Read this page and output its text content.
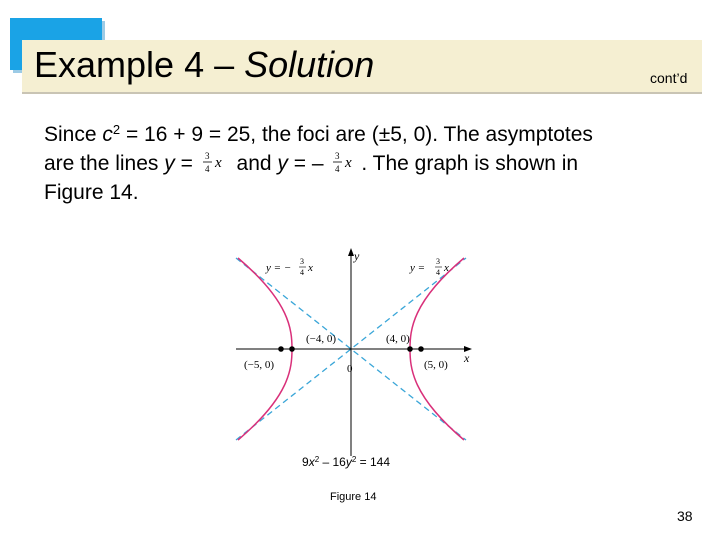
Example 4 – Solution	cont’d
Since $c^2 = 16 + 9 = 25$, the foci are (±5, 0). The asymptotes
are the lines y = 3
4 x and y = – 3
4 x . The graph is shown in
Figure 14.
x
y
0
(−4, 0)	(4, 0)
(−5, 0)	(5, 0)
y = −
3
4 x	y =
3
4 x
$9x^2 - 16y^2 = 144$
Figure 14
38
